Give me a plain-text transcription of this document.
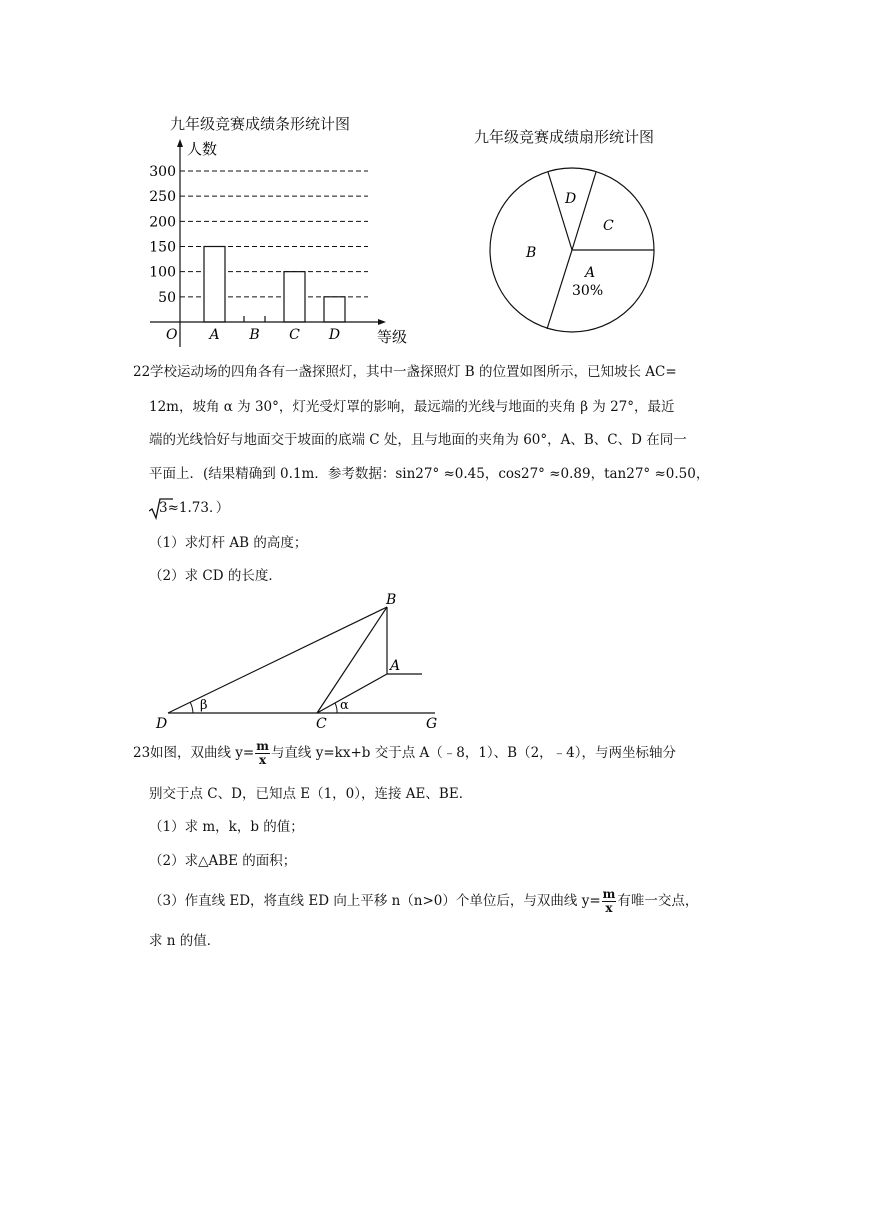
九年级竞赛成绩条形统计图
50
100
150
200
250
300
人数
等级
O A B C D
九年级竞赛成绩扇形统计图
D
C
B
A
30%
22 学校运动场的四角各有一盏探照灯，其中一盏探照灯 B 的位置如图所示，已知坡长 AC=
12m，坡角 α 为 30°，灯光受灯罩的影响，最远端的光线与地面的夹角 β 为 27°，最近
端的光线恰好与地面交于坡面的底端 C 处，且与地面的夹角为 60°，A、B、C、D 在同一
平面上．(结果精确到 0.1m．参考数据：sin27° ≈0.45，cos27° ≈0.89，tan27° ≈0.50，
3≈1.73．）
（1）求灯杆 AB 的高度；
（2）求 CD 的长度．
B
A
D	C	G
β	α
23 如图，双曲线 $y= \frac{m}{x}$ 与直线 y=kx+b 交于点 A（﹣8，1）、B（2，﹣4），与两坐标轴分
别交于点 C、D，已知点 E（1，0），连接 AE、BE．
（1）求 m，k，b 的值；
（2）求△ABE 的面积；
（3）作直线 ED，将直线 ED 向上平移 n（n>0）个单位后，与双曲线 $y= \frac{m}{x}$ 有唯一交点，
求 n 的值．
